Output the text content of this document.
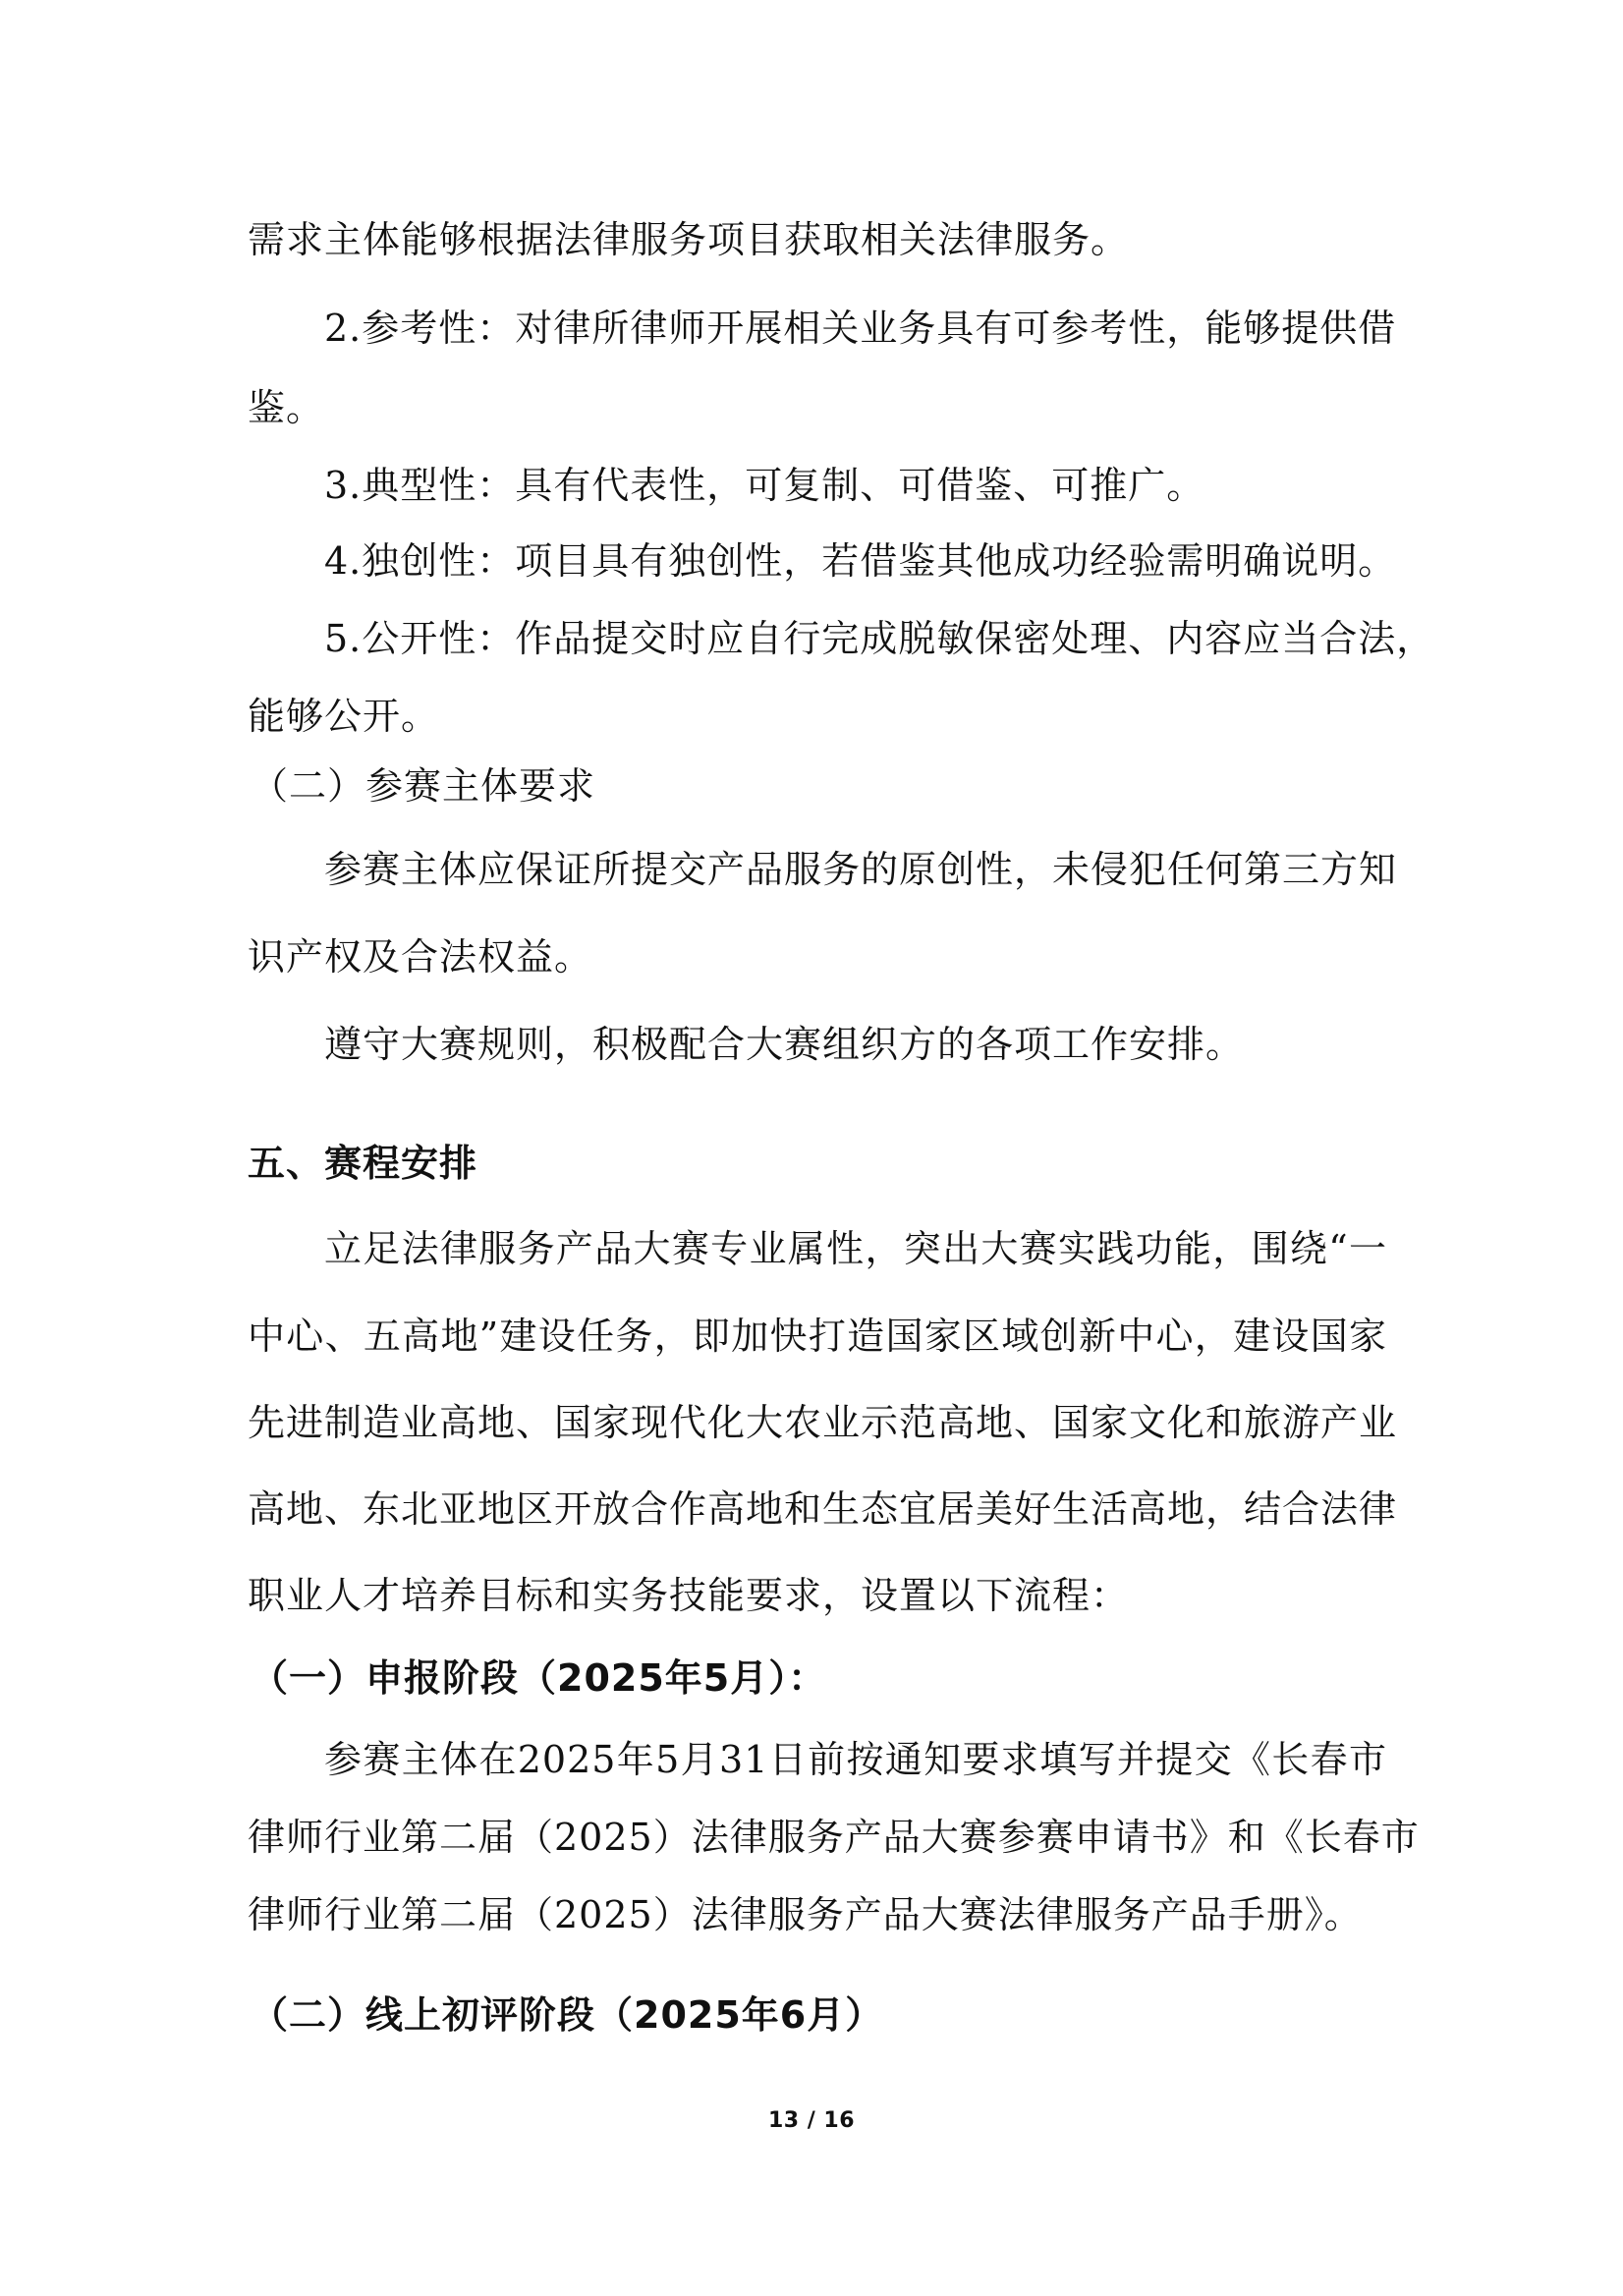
需求主体能够根据法律服务项目获取相关法律服务。

2.参考性：对律所律师开展相关业务具有可参考性，能够提供借

鉴。

3.典型性：具有代表性，可复制、可借鉴、可推广。

4.独创性：项目具有独创性，若借鉴其他成功经验需明确说明。

5.公开性：作品提交时应自行完成脱敏保密处理、内容应当合法，

能够公开。

（二）参赛主体要求

参赛主体应保证所提交产品服务的原创性，未侵犯任何第三方知

识产权及合法权益。

遵守大赛规则，积极配合大赛组织方的各项工作安排。

五、赛程安排

立足法律服务产品大赛专业属性，突出大赛实践功能，围绕“一

中心、五高地”建设任务，即加快打造国家区域创新中心，建设国家

先进制造业高地、国家现代化大农业示范高地、国家文化和旅游产业

高地、东北亚地区开放合作高地和生态宜居美好生活高地，结合法律

职业人才培养目标和实务技能要求，设置以下流程：

（一）申报阶段（2025年5月）：

参赛主体在2025年5月31日前按通知要求填写并提交《长春市

律师行业第二届（2025）法律服务产品大赛参赛申请书》和《长春市

律师行业第二届（2025）法律服务产品大赛法律服务产品手册》。

（二）线上初评阶段（2025年6月）

13 / 16
